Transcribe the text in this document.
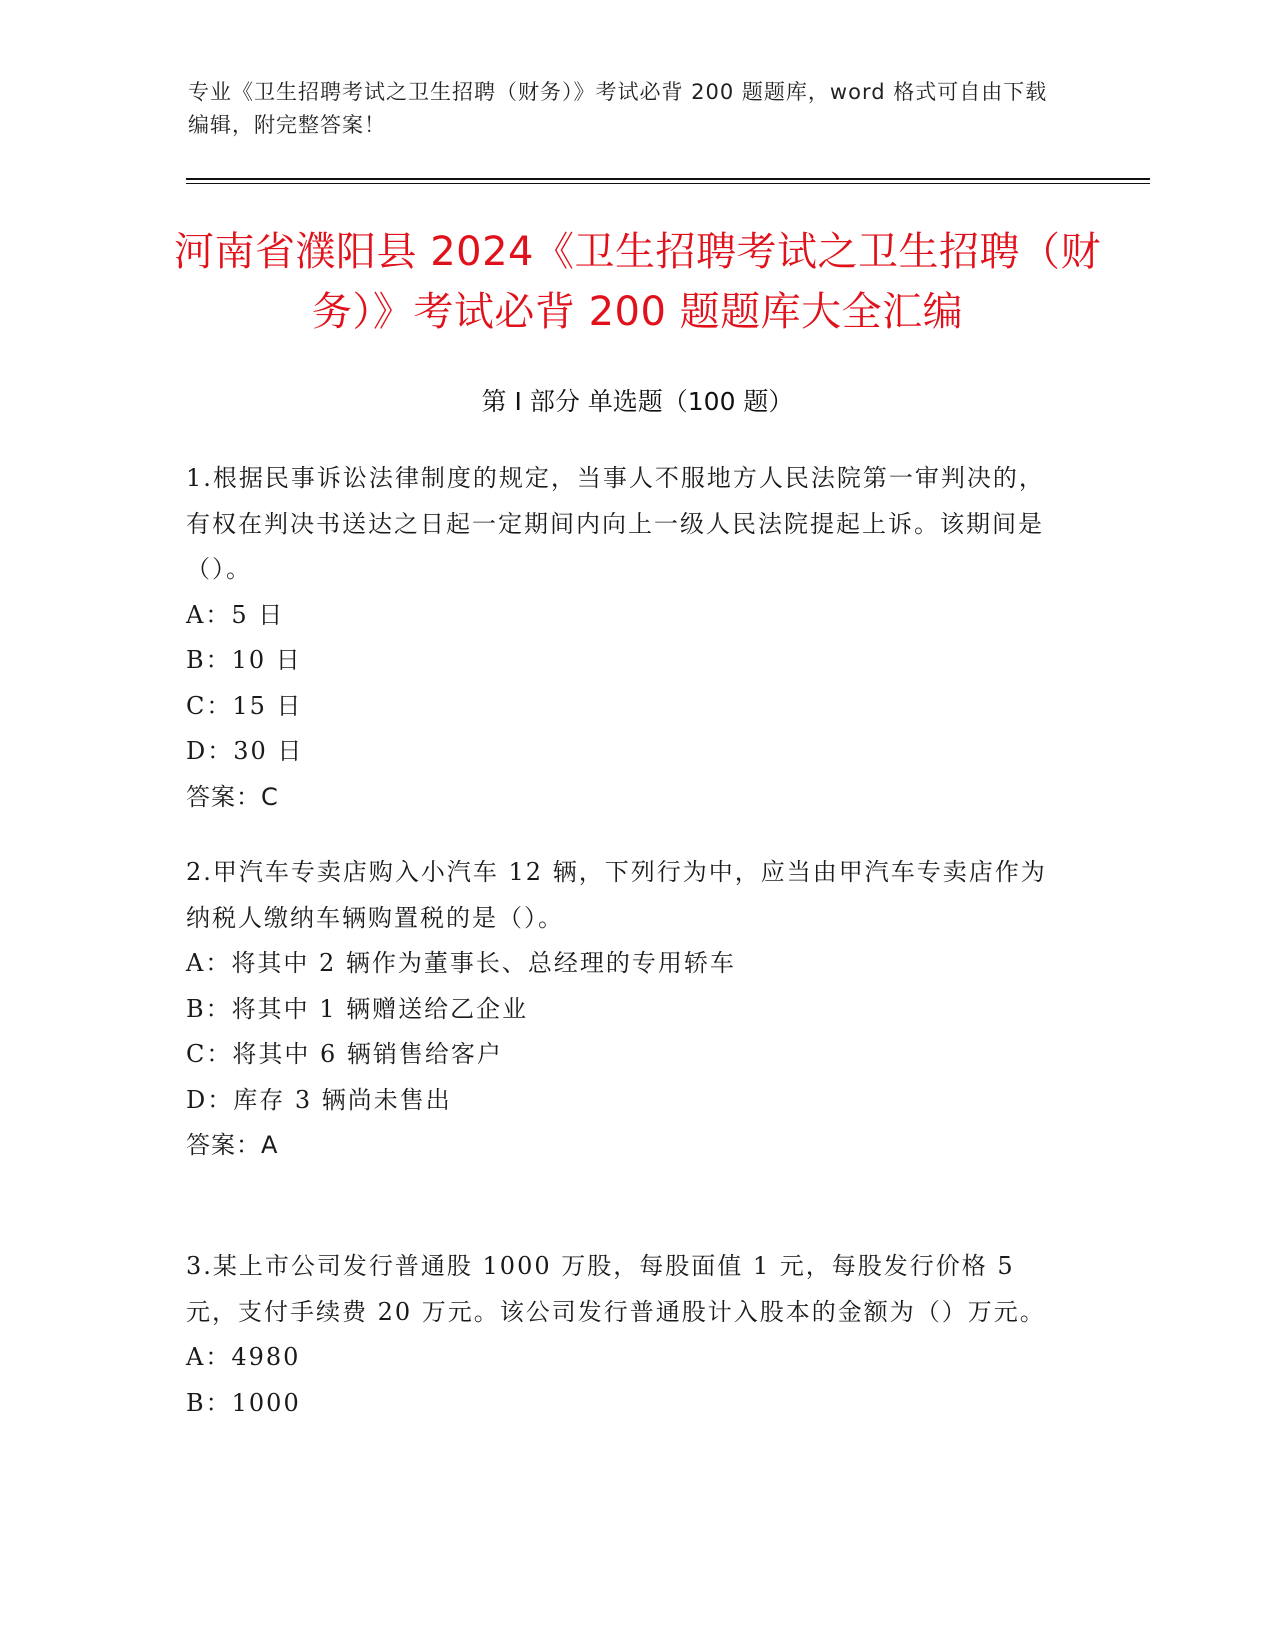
专业《卫生招聘考试之卫生招聘（财务）》考试必背 200 题题库，word 格式可自由下载编辑，附完整答案！
河南省濮阳县 2024《卫生招聘考试之卫生招聘（财务）》考试必背 200 题题库大全汇编
第 I 部分 单选题（100 题）
1.根据民事诉讼法律制度的规定，当事人不服地方人民法院第一审判决的，有权在判决书送达之日起一定期间内向上一级人民法院提起上诉。该期间是（）。
A：5 日
B：10 日
C：15 日
D：30 日
答案：C
2.甲汽车专卖店购入小汽车 12 辆，下列行为中，应当由甲汽车专卖店作为纳税人缴纳车辆购置税的是（）。
A：将其中 2 辆作为董事长、总经理的专用轿车
B：将其中 1 辆赠送给乙企业
C：将其中 6 辆销售给客户
D：库存 3 辆尚未售出
答案：A
3.某上市公司发行普通股 1000 万股，每股面值 1 元，每股发行价格 5 元，支付手续费 20 万元。该公司发行普通股计入股本的金额为（）万元。
A：4980
B：1000
